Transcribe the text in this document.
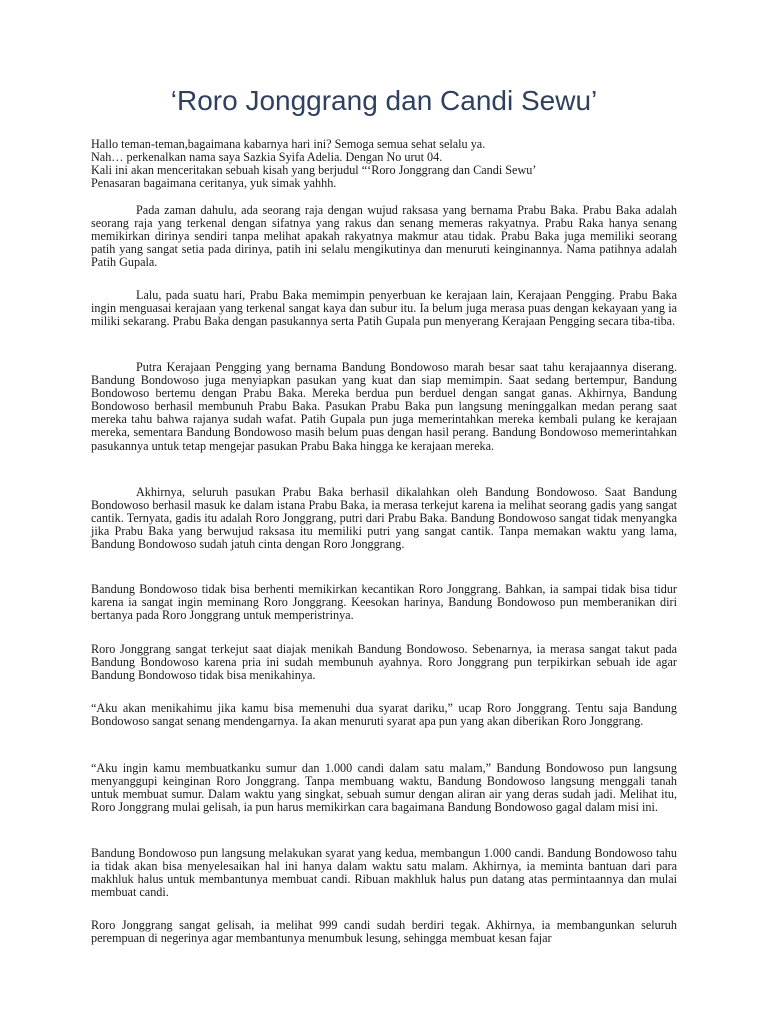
‘Roro Jonggrang dan Candi Sewu’
Hallo teman-teman,bagaimana kabarnya hari ini? Semoga semua sehat selalu ya.
Nah… perkenalkan nama saya Sazkia Syifa Adelia. Dengan No urut 04.
Kali ini akan menceritakan sebuah kisah yang berjudul “‘Roro Jonggrang dan Candi Sewu’
Penasaran bagaimana ceritanya, yuk simak yahhh.

Pada zaman dahulu, ada seorang raja dengan wujud raksasa yang bernama Prabu Baka. Prabu Baka adalah seorang raja yang terkenal dengan sifatnya yang rakus dan senang memeras rakyatnya. Prabu Raka hanya senang memikirkan dirinya sendiri tanpa melihat apakah rakyatnya makmur atau tidak. Prabu Baka juga memiliki seorang patih yang sangat setia pada dirinya, patih ini selalu mengikutinya dan menuruti keinginannya. Nama patihnya adalah Patih Gupala.

Lalu, pada suatu hari, Prabu Baka memimpin penyerbuan ke kerajaan lain, Kerajaan Pengging. Prabu Baka ingin menguasai kerajaan yang terkenal sangat kaya dan subur itu. Ia belum juga merasa puas dengan kekayaan yang ia miliki sekarang. Prabu Baka dengan pasukannya serta Patih Gupala pun menyerang Kerajaan Pengging secara tiba-tiba.

Putra Kerajaan Pengging yang bernama Bandung Bondowoso marah besar saat tahu kerajaannya diserang. Bandung Bondowoso juga menyiapkan pasukan yang kuat dan siap memimpin. Saat sedang bertempur, Bandung Bondowoso bertemu dengan Prabu Baka. Mereka berdua pun berduel dengan sangat ganas. Akhirnya, Bandung Bondowoso berhasil membunuh Prabu Baka. Pasukan Prabu Baka pun langsung meninggalkan medan perang saat mereka tahu bahwa rajanya sudah wafat. Patih Gupala pun juga memerintahkan mereka kembali pulang ke kerajaan mereka, sementara Bandung Bondowoso masih belum puas dengan hasil perang. Bandung Bondowoso memerintahkan pasukannya untuk tetap mengejar pasukan Prabu Baka hingga ke kerajaan mereka.

Akhirnya, seluruh pasukan Prabu Baka berhasil dikalahkan oleh Bandung Bondowoso. Saat Bandung Bondowoso berhasil masuk ke dalam istana Prabu Baka, ia merasa terkejut karena ia melihat seorang gadis yang sangat cantik. Ternyata, gadis itu adalah Roro Jonggrang, putri dari Prabu Baka. Bandung Bondowoso sangat tidak menyangka jika Prabu Baka yang berwujud raksasa itu memiliki putri yang sangat cantik. Tanpa memakan waktu yang lama, Bandung Bondowoso sudah jatuh cinta dengan Roro Jonggrang.

Bandung Bondowoso tidak bisa berhenti memikirkan kecantikan Roro Jonggrang. Bahkan, ia sampai tidak bisa tidur karena ia sangat ingin meminang Roro Jonggrang. Keesokan harinya, Bandung Bondowoso pun memberanikan diri bertanya pada Roro Jonggrang untuk memperistrinya.

Roro Jonggrang sangat terkejut saat diajak menikah Bandung Bondowoso. Sebenarnya, ia merasa sangat takut pada Bandung Bondowoso karena pria ini sudah membunuh ayahnya. Roro Jonggrang pun terpikirkan sebuah ide agar Bandung Bondowoso tidak bisa menikahinya.

“Aku akan menikahimu jika kamu bisa memenuhi dua syarat dariku,” ucap Roro Jonggrang. Tentu saja Bandung Bondowoso sangat senang mendengarnya. Ia akan menuruti syarat apa pun yang akan diberikan Roro Jonggrang.

“Aku ingin kamu membuatkanku sumur dan 1.000 candi dalam satu malam,” Bandung Bondowoso pun langsung menyanggupi keinginan Roro Jonggrang. Tanpa membuang waktu, Bandung Bondowoso langsung menggali tanah untuk membuat sumur. Dalam waktu yang singkat, sebuah sumur dengan aliran air yang deras sudah jadi. Melihat itu, Roro Jonggrang mulai gelisah, ia pun harus memikirkan cara bagaimana Bandung Bondowoso gagal dalam misi ini.

Bandung Bondowoso pun langsung melakukan syarat yang kedua, membangun 1.000 candi. Bandung Bondowoso tahu ia tidak akan bisa menyelesaikan hal ini hanya dalam waktu satu malam. Akhirnya, ia meminta bantuan dari para makhluk halus untuk membantunya membuat candi. Ribuan makhluk halus pun datang atas permintaannya dan mulai membuat candi.

Roro Jonggrang sangat gelisah, ia melihat 999 candi sudah berdiri tegak. Akhirnya, ia membangunkan seluruh perempuan di negerinya agar membantunya menumbuk lesung, sehingga membuat kesan fajar
